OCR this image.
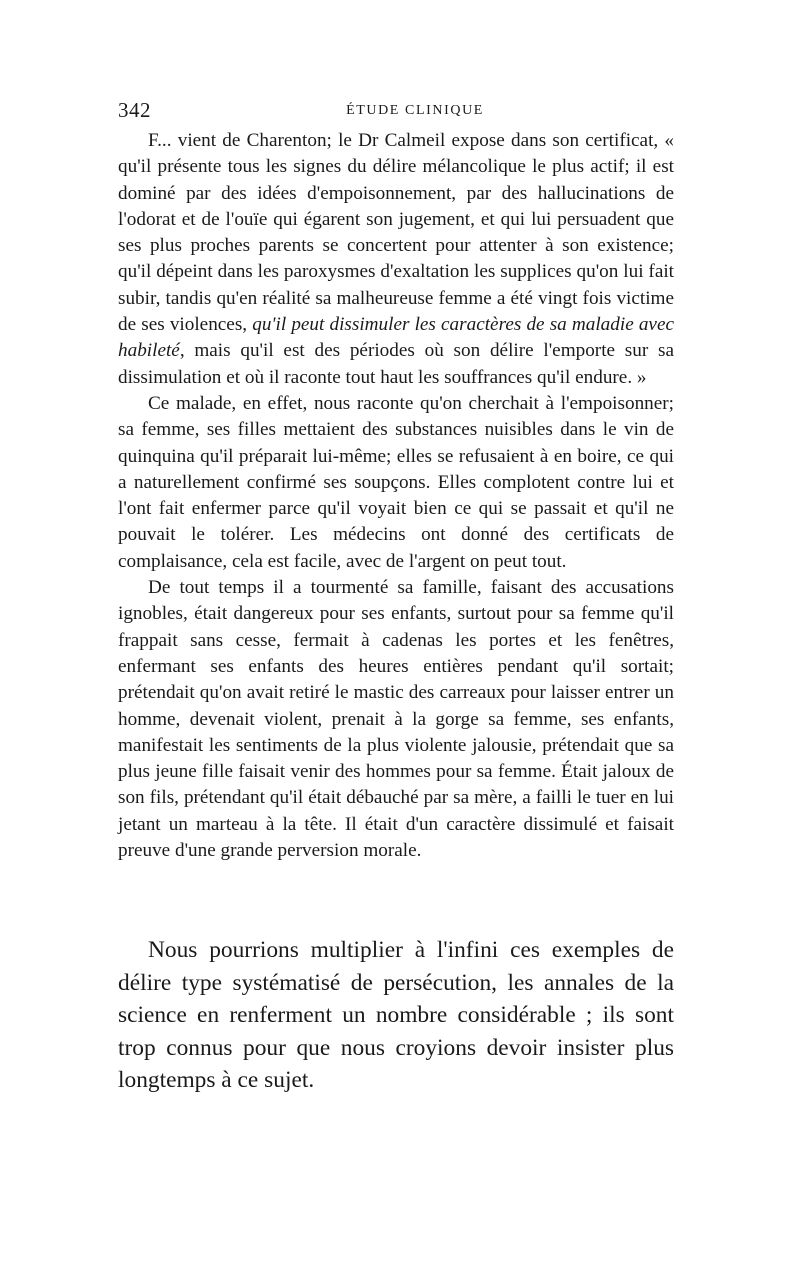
342	ÉTUDE CLINIQUE

F... vient de Charenton; le Dr Calmeil expose dans son certificat, « qu'il présente tous les signes du délire mélancolique le plus actif; il est dominé par des idées d'empoisonnement, par des hallucinations de l'odorat et de l'ouïe qui égarent son jugement, et qui lui persuadent que ses plus proches parents se concertent pour attenter à son existence; qu'il dépeint dans les paroxysmes d'exaltation les supplices qu'on lui fait subir, tandis qu'en réalité sa malheureuse femme a été vingt fois victime de ses violences, qu'il peut dissimuler les caractères de sa maladie avec habileté, mais qu'il est des périodes où son délire l'emporte sur sa dissimulation et où il raconte tout haut les souffrances qu'il endure. »

Ce malade, en effet, nous raconte qu'on cherchait à l'empoisonner; sa femme, ses filles mettaient des substances nuisibles dans le vin de quinquina qu'il préparait lui-même; elles se refusaient à en boire, ce qui a naturellement confirmé ses soupçons. Elles complotent contre lui et l'ont fait enfermer parce qu'il voyait bien ce qui se passait et qu'il ne pouvait le tolérer. Les médecins ont donné des certificats de complaisance, cela est facile, avec de l'argent on peut tout.

De tout temps il a tourmenté sa famille, faisant des accusations ignobles, était dangereux pour ses enfants, surtout pour sa femme qu'il frappait sans cesse, fermait à cadenas les portes et les fenêtres, enfermant ses enfants des heures entières pendant qu'il sortait; prétendait qu'on avait retiré le mastic des carreaux pour laisser entrer un homme, devenait violent, prenait à la gorge sa femme, ses enfants, manifestait les sentiments de la plus violente jalousie, prétendait que sa plus jeune fille faisait venir des hommes pour sa femme. Était jaloux de son fils, prétendant qu'il était débauché par sa mère, a failli le tuer en lui jetant un marteau à la tête. Il était d'un caractère dissimulé et faisait preuve d'une grande perversion morale.

Nous pourrions multiplier à l'infini ces exemples de délire type systématisé de persécution, les annales de la science en renferment un nombre considérable ; ils sont trop connus pour que nous croyions devoir insister plus longtemps à ce sujet.
